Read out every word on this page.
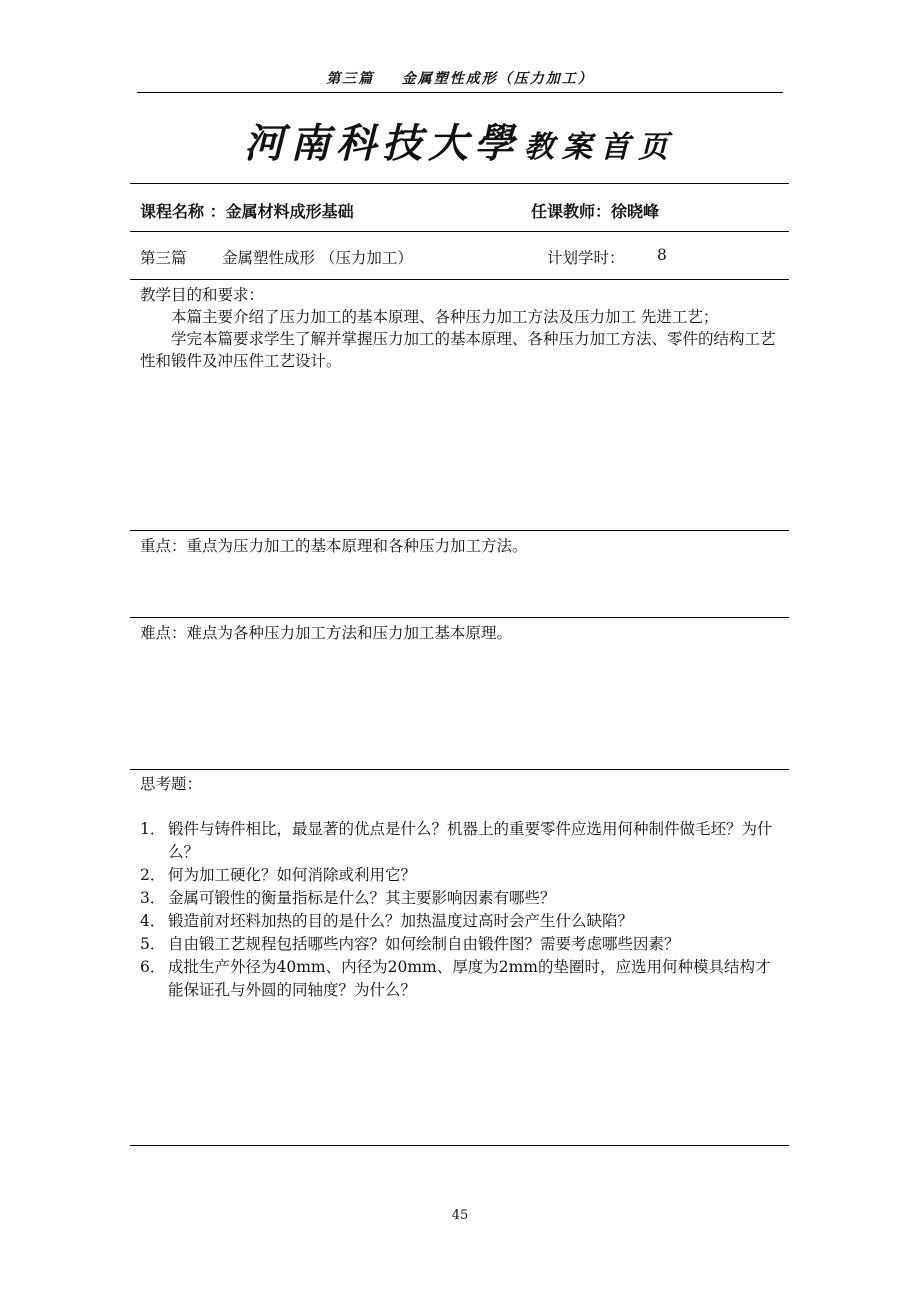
第三篇    金属塑性成形（压力加工）
河南科技大學 教案首页
课程名称 ：金属材料成形基础	任课教师：徐晓峰
第三篇 金属塑性成形 （压力加工）	计划学时： 8
教学目的和要求：

本篇主要介绍了压力加工的基本原理、各种压力加工方法及压力加工 先进工艺；

学完本篇要求学生了解并掌握压力加工的基本原理、各种压力加工方法、零件的结构工艺性和锻件及冲压件工艺设计。

重点：重点为压力加工的基本原理和各种压力加工方法。
难点：难点为各种压力加工方法和压力加工基本原理。
思考题：
1． 锻件与铸件相比，最显著的优点是什么？机器上的重要零件应选用何种制件做毛坯？为什么？
2． 何为加工硬化？如何消除或利用它？
3． 金属可锻性的衡量指标是什么？其主要影响因素有哪些？
4． 锻造前对坯料加热的目的是什么？加热温度过高时会产生什么缺陷？
5． 自由锻工艺规程包括哪些内容？如何绘制自由锻件图？需要考虑哪些因素？
6． 成批生产外径为40mm、内径为20mm、厚度为2mm的垫圈时，应选用何种模具结构才能保证孔与外圆的同轴度？为什么？
45
